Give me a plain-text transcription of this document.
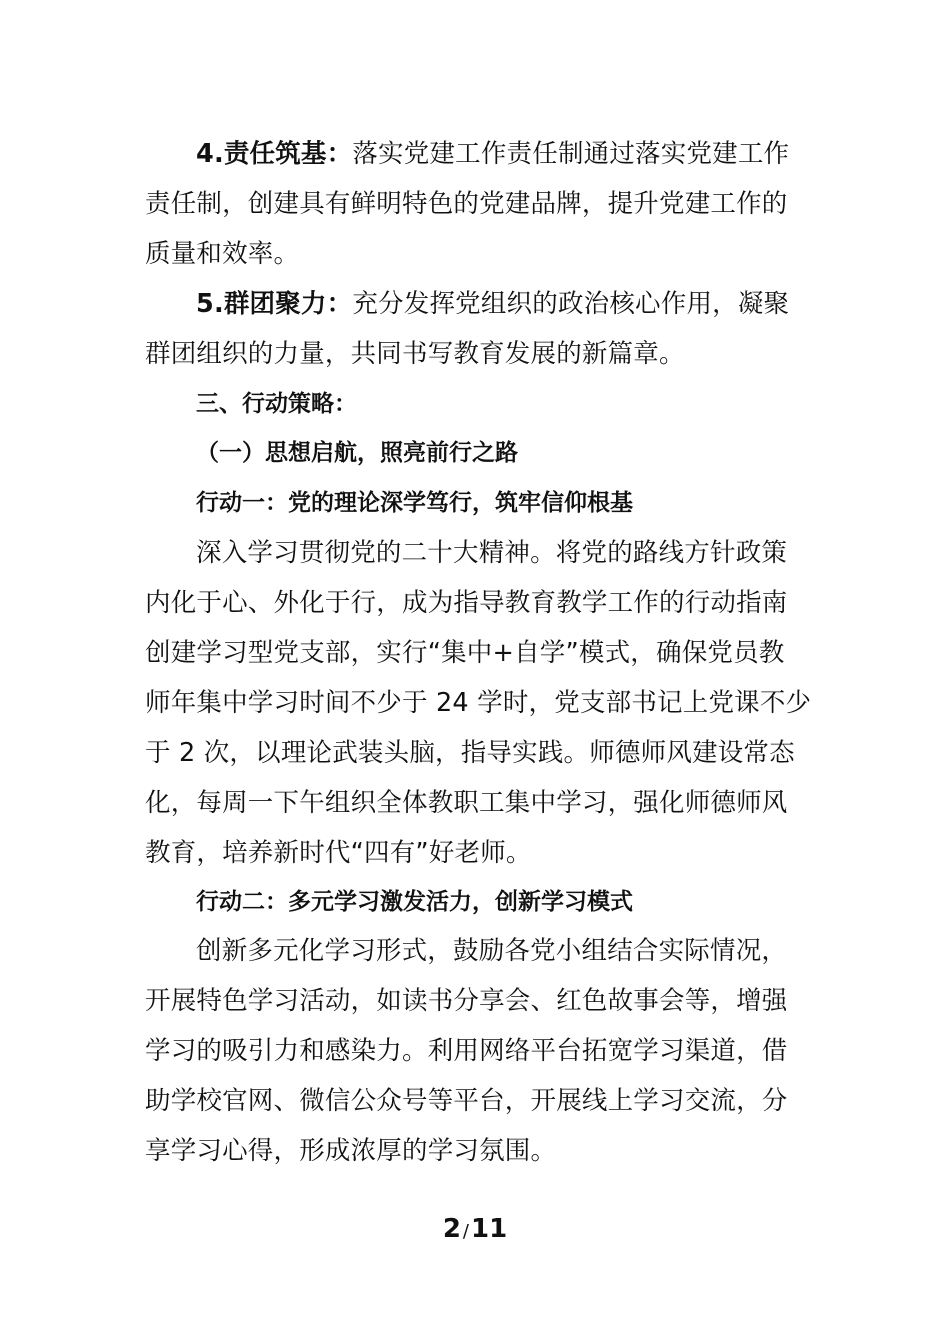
4.责任筑基：落实党建工作责任制通过落实党建工作
责任制，创建具有鲜明特色的党建品牌，提升党建工作的
质量和效率。
5.群团聚力：充分发挥党组织的政治核心作用，凝聚
群团组织的力量，共同书写教育发展的新篇章。
三、行动策略：
（一）思想启航，照亮前行之路
行动一：党的理论深学笃行，筑牢信仰根基
深入学习贯彻党的二十大精神。将党的路线方针政策
内化于心、外化于行，成为指导教育教学工作的行动指南
创建学习型党支部，实行“集中+自学”模式，确保党员教
师年集中学习时间不少于 24 学时，党支部书记上党课不少
于 2 次，以理论武装头脑，指导实践。师德师风建设常态
化，每周一下午组织全体教职工集中学习，强化师德师风
教育，培养新时代“四有”好老师。
行动二：多元学习激发活力，创新学习模式
创新多元化学习形式，鼓励各党小组结合实际情况，
开展特色学习活动，如读书分享会、红色故事会等，增强
学习的吸引力和感染力。利用网络平台拓宽学习渠道，借
助学校官网、微信公众号等平台，开展线上学习交流，分
享学习心得，形成浓厚的学习氛围。
2 /11
